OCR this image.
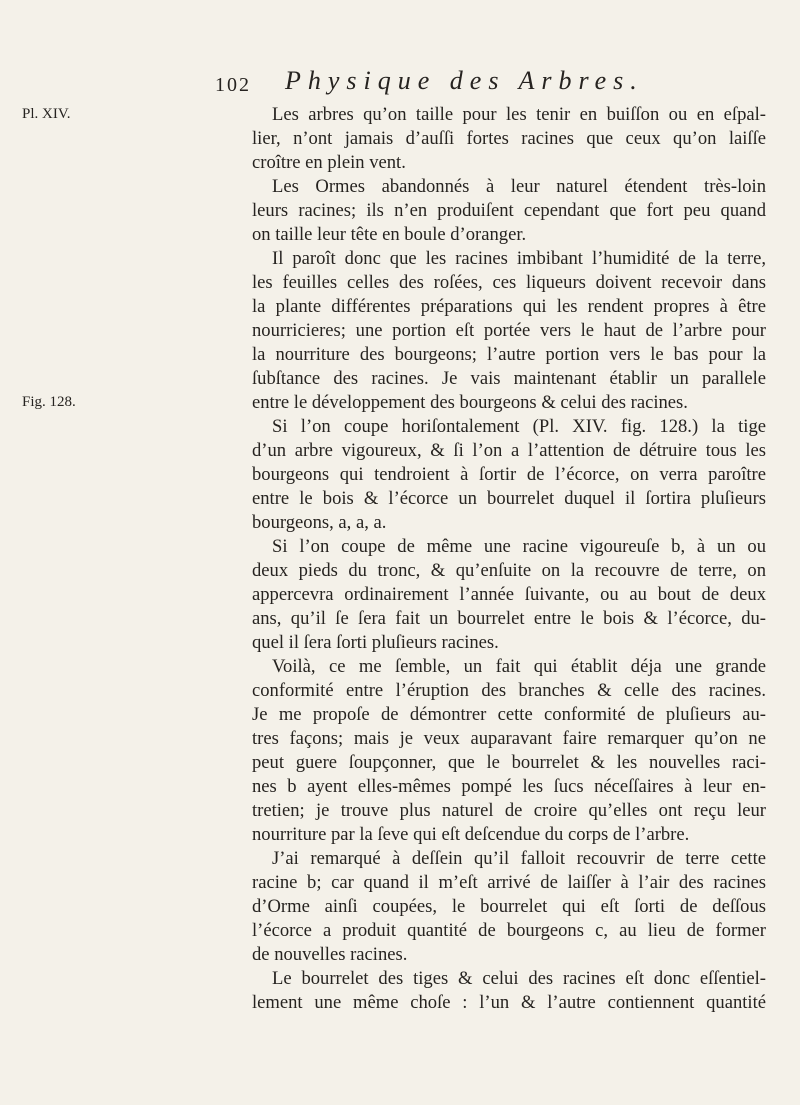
102 Physique des Arbres.
Pl. XIV.
Fig. 128.
Les arbres qu’on taille pour les tenir en buiſſon ou en eſpal-
lier, n’ont jamais d’auſſi fortes racines que ceux qu’on laiſſe
croître en plein vent.
Les Ormes abandonnés à leur naturel étendent très-loin
leurs racines; ils n’en produiſent cependant que fort peu quand
on taille leur tête en boule d’oranger.
Il paroît donc que les racines imbibant l’humidité de la terre,
les feuilles celles des roſées, ces liqueurs doivent recevoir dans
la plante différentes préparations qui les rendent propres à être
nourricieres; une portion eſt portée vers le haut de l’arbre pour
la nourriture des bourgeons; l’autre portion vers le bas pour la
ſubſtance des racines. Je vais maintenant établir un parallele
entre le développement des bourgeons & celui des racines.
Si l’on coupe horiſontalement (Pl. XIV. fig. 128.) la tige
d’un arbre vigoureux, & ſi l’on a l’attention de détruire tous les
bourgeons qui tendroient à ſortir de l’écorce, on verra paroître
entre le bois & l’écorce un bourrelet duquel il ſortira pluſieurs
bourgeons, a, a, a.
Si l’on coupe de même une racine vigoureuſe b, à un ou
deux pieds du tronc, & qu’enſuite on la recouvre de terre, on
appercevra ordinairement l’année ſuivante, ou au bout de deux
ans, qu’il ſe ſera fait un bourrelet entre le bois & l’écorce, du-
quel il ſera ſorti pluſieurs racines.
Voilà, ce me ſemble, un fait qui établit déja une grande
conformité entre l’éruption des branches & celle des racines.
Je me propoſe de démontrer cette conformité de pluſieurs au-
tres façons; mais je veux auparavant faire remarquer qu’on ne
peut guere ſoupçonner, que le bourrelet & les nouvelles raci-
nes b ayent elles-mêmes pompé les ſucs néceſſaires à leur en-
tretien; je trouve plus naturel de croire qu’elles ont reçu leur
nourriture par la ſeve qui eſt deſcendue du corps de l’arbre.
J’ai remarqué à deſſein qu’il falloit recouvrir de terre cette
racine b; car quand il m’eſt arrivé de laiſſer à l’air des racines
d’Orme ainſi coupées, le bourrelet qui eſt ſorti de deſſous
l’écorce a produit quantité de bourgeons c, au lieu de former
de nouvelles racines.
Le bourrelet des tiges & celui des racines eſt donc eſſentiel-
lement une même choſe : l’un & l’autre contiennent quantité
